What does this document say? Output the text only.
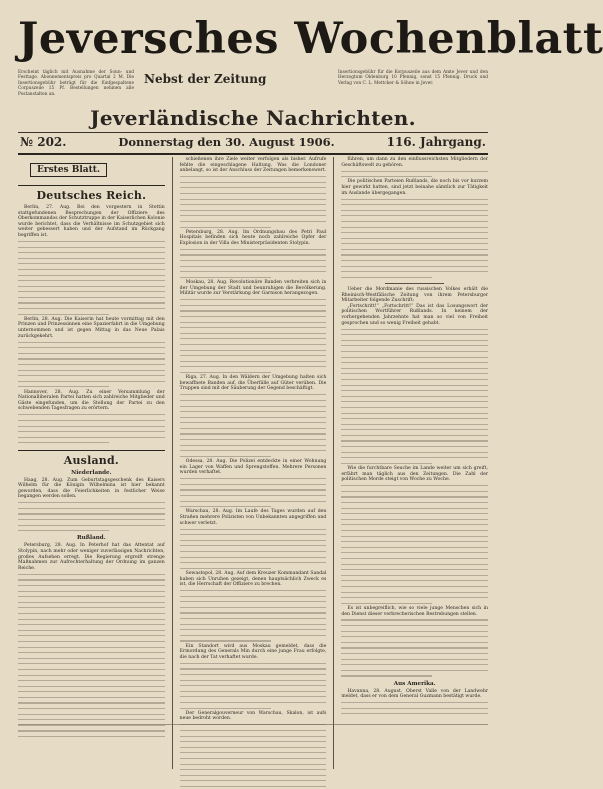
Jeversches Wochenblatt
Erscheint täglich mit Ausnahme der Sonn- und Festtage. Abonnementspreis pro Quartal 2 M. Die Insertionsgebühr beträgt für die fünfgespaltene Corpuszeile 15 Pf. Bestellungen nehmen alle Postanstalten an.
Nebst der Zeitung	Insertionsgebühr für die Korpuszeile aus dem Amte Jever und den Herzogtum Oldenburg 10 Pfennig, sonst 15 Pfennig. Druck und Verlag von C. L. Mettcker & Söhne in Jever.
Jeverländische Nachrichten.
№ 202.	Donnerstag den 30. August 1906.	116. Jahrgang.
Erstes Blatt.
Deutsches Reich.

Berlin, 27. Aug. Bei den vorgestern in Stettin stattgefundenen Besprechungen der Offiziere des Oberkommandos der Schutztruppe in der Kaiserlichen Kolonie wurde berichtet, dass die Verhältnisse im Schutzgebiet sich weiter gebessert haben und der Aufstand im Rückgang begriffen ist.

Berlin, 28. Aug. Die Kaiserin hat heute vormittag mit den Prinzen und Prinzessinnen eine Spazierfahrt in die Umgebung unternommen und ist gegen Mittag in das Neue Palais zurückgekehrt.

Hannover, 28. Aug. Zu einer Versammlung der Nationalliberalen Partei hatten sich zahlreiche Mitglieder und Gäste eingefunden, um die Stellung der Partei zu den schwebenden Tagesfragen zu erörtern.

Ausland.
Niederlande.

Haag, 28. Aug. Zum Geburtstagsgeschenk des Kaisers Wilhelm für die Königin Wilhelmina ist hier bekannt geworden, dass die Feierlichkeiten in festlicher Weise begangen werden sollen.

Rußland.

Petersburg, 28. Aug. In Peterhof hat das Attentat auf Stolypin, nach mehr oder weniger zuverlässigen Nachrichten, großes Aufsehen erregt. Die Regierung ergreift strenge Maßnahmen zur Aufrechterhaltung der Ordnung im ganzen Reiche.

schießenen ihre Ziele weiter verfolgen als bisher. Aufrufe fehlte die eingeschlagene Haltung. Was die Londoner anbelangt, so ist der Anschluss der Zeitungen bemerkenswert.

Petersburg, 28. Aug. Im Ordnungsbau des Petri Paul Hospitals befinden sich heute noch zahlreiche Opfer der Explosion in der Villa des Ministerpräsidenten Stolypin.

Moskau, 28. Aug. Revolutionäre Banden verbreiten sich in der Umgebung der Stadt und beunruhigen die Bevölkerung. Militär wurde zur Verstärkung der Garnison herangezogen.

Riga, 27. Aug. In den Wäldern der Umgebung halten sich bewaffnete Banden auf, die Überfälle auf Güter verüben. Die Truppen sind mit der Säuberung der Gegend beschäftigt.

Odessa, 28. Aug. Die Polizei entdeckte in einer Wohnung ein Lager von Waffen und Sprengstoffen. Mehrere Personen wurden verhaftet.

Warschau, 28. Aug. Im Laufe des Tages wurden auf den Straßen mehrere Polizisten von Unbekannten angegriffen und schwer verletzt.

Sewastopol, 28. Aug. Auf dem Kreuzer Kommandant Sandal haben sich Unruhen gezeigt, denen hauptsächlich Zweck es ist, die Herrschaft der Offiziere zu brechen.

Ein Standort wird aus Moskau gemeldet, dass die Ermordung des Generals Min durch eine junge Frau erfolgte, die nach der Tat verhaftet wurde.

Der Generalgouverneur von Warschau, Skalon, ist aufs neue bedroht worden.

führen, um dann zu den einflussreichsten Mitgliedern der Geschäftswelt zu gehören.

Die politischen Parteien Rußlands, die noch bis vor kurzem hier gewirkt hatten, sind jetzt beinahe sämtlich zur Tätigkeit im Auslande übergegangen.

Ueber die Mordmanie des russischen Volkes erhält die Rheinisch-Westfälische Zeitung von ihrem Petersburger Mitarbeiter folgende Zuschrift:

„Fortschritt!“ „Fortschritt!“ Das ist das Losungswort der politischen Wortführer Rußlands. In keinem der vorhergehenden Jahrzehnte hat man so viel von Freiheit gesprochen und so wenig Freiheit gehabt.

Wie die furchtbare Seuche im Lande weiter um sich greift, erfährt man täglich aus den Zeitungen. Die Zahl der politischen Morde steigt von Woche zu Woche.

Es ist unbegreiflich, wie so viele junge Menschen sich in den Dienst dieser verbrecherischen Bestrebungen stellen.

Aus Amerika.

Havanna, 28. August. Oberst Valle von der Landwehr meldet, dass er von dem General Guzmann bestätigt wurde.
